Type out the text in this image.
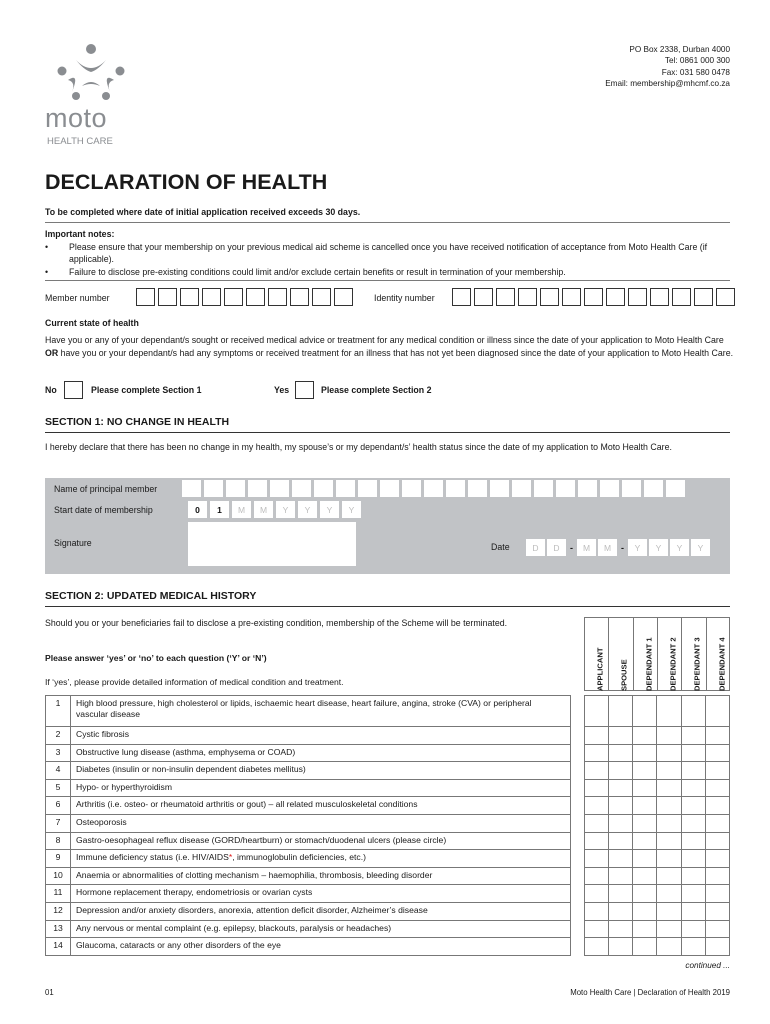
PO Box 2338, Durban 4000
Tel: 0861 000 300
Fax: 031 580 0478
Email: membership@mhcmf.co.za
moto
HEALTH CARE
DECLARATION OF HEALTH
To be completed where date of initial application received exceeds 30 days.
Important notes:
•	Please ensure that your membership on your previous medical aid scheme is cancelled once you have received notification of acceptance from Moto Health Care (if applicable).
•	Failure to disclose pre-existing conditions could limit and/or exclude certain benefits or result in termination of your membership.
Member number	Identity number
Current state of health
Have you or any of your dependant/s sought or received medical advice or treatment for any medical condition or illness since the date of your application to Moto Health Care OR have you or your dependant/s had any symptoms or received treatment for an illness that has not yet been diagnosed since the date of your application to Moto Health Care.
No	Please complete Section 1	Yes	Please complete Section 2
SECTION 1: NO CHANGE IN HEALTH
I hereby declare that there has been no change in my health, my spouse’s or my dependant/s’ health status since the date of my application to Moto Health Care.
Name of principal member
Start date of membership	0	1	M	M	Y	Y	Y	Y
Signature	Date	D	D	-	M	M	-	Y	Y	Y	Y
SECTION 2: UPDATED MEDICAL HISTORY
Should you or your beneficiaries fail to disclose a pre-existing condition, membership of the Scheme will be terminated.
Please answer ‘yes’ or ‘no’ to each question (‘Y’ or ‘N’)
If ‘yes’, please provide detailed information of medical condition and treatment.	APPLICANT SPOUSE DEPENDANT 1 DEPENDANT 2 DEPENDANT 3 DEPENDANT 4
1	High blood pressure, high cholesterol or lipids, ischaemic heart disease, heart failure, angina, stroke (CVA) or peripheral vascular disease
2	Cystic fibrosis
3	Obstructive lung disease (asthma, emphysema or COAD)
4	Diabetes (insulin or non-insulin dependent diabetes mellitus)
5	Hypo- or hyperthyroidism
6	Arthritis (i.e. osteo- or rheumatoid arthritis or gout) – all related musculoskeletal conditions
7	Osteoporosis
8	Gastro-oesophageal reflux disease (GORD/heartburn) or stomach/duodenal ulcers (please circle)
9	Immune deficiency status (i.e. HIV/AIDS*, immunoglobulin deficiencies, etc.)
10	Anaemia or abnormalities of clotting mechanism – haemophilia, thrombosis, bleeding disorder
11	Hormone replacement therapy, endometriosis or ovarian cysts
12	Depression and/or anxiety disorders, anorexia, attention deficit disorder, Alzheimer’s disease
13	Any nervous or mental complaint (e.g. epilepsy, blackouts, paralysis or headaches)
14	Glaucoma, cataracts or any other disorders of the eye

continued ...
01	Moto Health Care | Declaration of Health 2019
